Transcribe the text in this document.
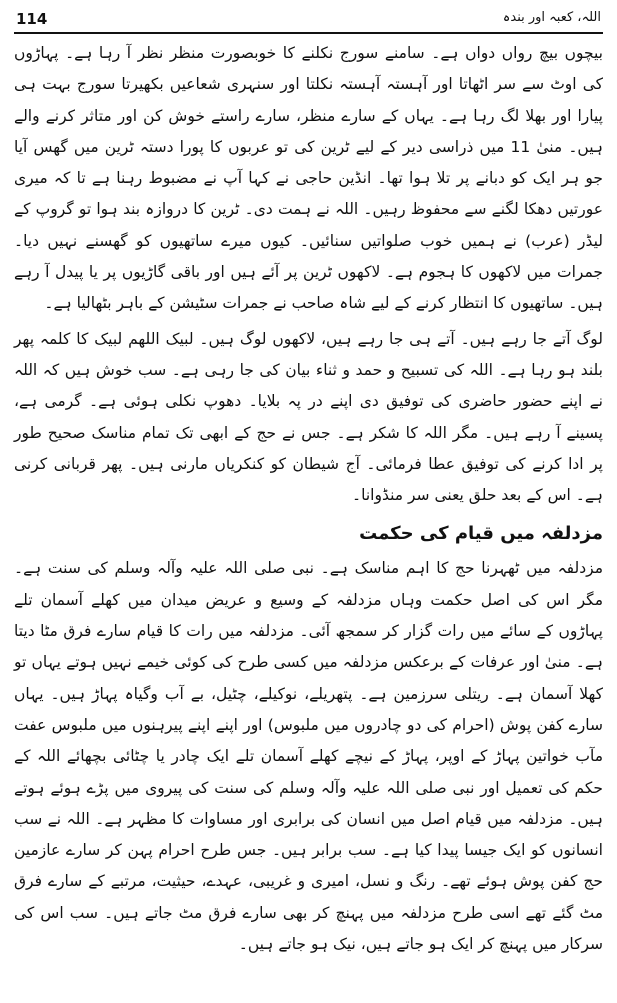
114	اللہ، کعبہ اور بندہ

بیچوں بیچ رواں دواں ہے۔ سامنے سورج نکلنے کا خوبصورت منظر نظر آ رہا ہے۔ پہاڑوں کی اوٹ سے سر اٹھاتا اور آہستہ آہستہ نکلتا اور سنہری شعاعیں بکھیرتا سورج بہت ہی پیارا اور بھلا لگ رہا ہے۔ یہاں کے سارے منظر، سارے راستے خوش کن اور متاثر کرنے والے ہیں۔ منیٰ 11 میں ذراسی دیر کے لیے ٹرین کی تو عربوں کا پورا دستہ ٹرین میں گھس آیا جو ہر ایک کو دبانے پر تلا ہوا تھا۔ انڈین حاجی نے کہا آپ نے مضبوط رہنا ہے تا کہ میری عورتیں دھکا لگنے سے محفوظ رہیں۔ اللہ نے ہمت دی۔ ٹرین کا دروازہ بند ہوا تو گروپ کے لیڈر (عرب) نے ہمیں خوب صلواتیں سنائیں۔ کیوں میرے ساتھیوں کو گھسنے نہیں دیا۔ جمرات میں لاکھوں کا ہجوم ہے۔ لاکھوں ٹرین پر آئے ہیں اور باقی گاڑیوں پر یا پیدل آ رہے ہیں۔ ساتھیوں کا انتظار کرنے کے لیے شاہ صاحب نے جمرات سٹیشن کے باہر بٹھالیا ہے۔

لوگ آتے جا رہے ہیں۔ آتے ہی جا رہے ہیں، لاکھوں لوگ ہیں۔ لبیک اللھم لبیک کا کلمہ پھر بلند ہو رہا ہے۔ اللہ کی تسبیح و حمد و ثناء بیان کی جا رہی ہے۔ سب خوش ہیں کہ اللہ نے اپنے حضور حاضری کی توفیق دی اپنے در پہ بلایا۔ دھوپ نکلی ہوئی ہے۔ گرمی ہے، پسینے آ رہے ہیں۔ مگر اللہ کا شکر ہے۔ جس نے حج کے ابھی تک تمام مناسک صحیح طور پر ادا کرنے کی توفیق عطا فرمائی۔ آج شیطان کو کنکریاں مارنی ہیں۔ پھر قربانی کرنی ہے۔ اس کے بعد حلق یعنی سر منڈوانا۔

مزدلفہ میں قیام کی حکمت

مزدلفہ میں ٹھہرنا حج کا اہم مناسک ہے۔ نبی صلی اللہ علیہ وآلہ وسلم کی سنت ہے۔ مگر اس کی اصل حکمت وہاں مزدلفہ کے وسیع و عریض میدان میں کھلے آسمان تلے پہاڑوں کے سائے میں رات گزار کر سمجھ آئی۔ مزدلفہ میں رات کا قیام سارے فرق مٹا دیتا ہے۔ منیٰ اور عرفات کے برعکس مزدلفہ میں کسی طرح کی کوئی خیمے نہیں ہوتے یہاں تو کھلا آسمان ہے۔ ریتلی سرزمین ہے۔ پتھریلے، نوکیلے، چٹیل، بے آب وگیاہ پہاڑ ہیں۔ یہاں سارے کفن پوش (احرام کی دو چادروں میں ملبوس) اور اپنے اپنے پیرہنوں میں ملبوس عفت مآب خواتین پہاڑ کے اوپر، پہاڑ کے نیچے کھلے آسمان تلے ایک چادر یا چٹائی بچھائے اللہ کے حکم کی تعمیل اور نبی صلی اللہ علیہ وآلہ وسلم کی سنت کی پیروی میں پڑے ہوئے ہوتے ہیں۔ مزدلفہ میں قیام اصل میں انسان کی برابری اور مساوات کا مظہر ہے۔ اللہ نے سب انسانوں کو ایک جیسا پیدا کیا ہے۔ سب برابر ہیں۔ جس طرح احرام پہن کر سارے عازمین حج کفن پوش ہوئے تھے۔ رنگ و نسل، امیری و غریبی، عہدے، حیثیت، مرتبے کے سارے فرق مٹ گئے تھے اسی طرح مزدلفہ میں پہنچ کر بھی سارے فرق مٹ جاتے ہیں۔ سب اس کی سرکار میں پہنچ کر ایک ہو جاتے ہیں، نیک ہو جاتے ہیں۔
